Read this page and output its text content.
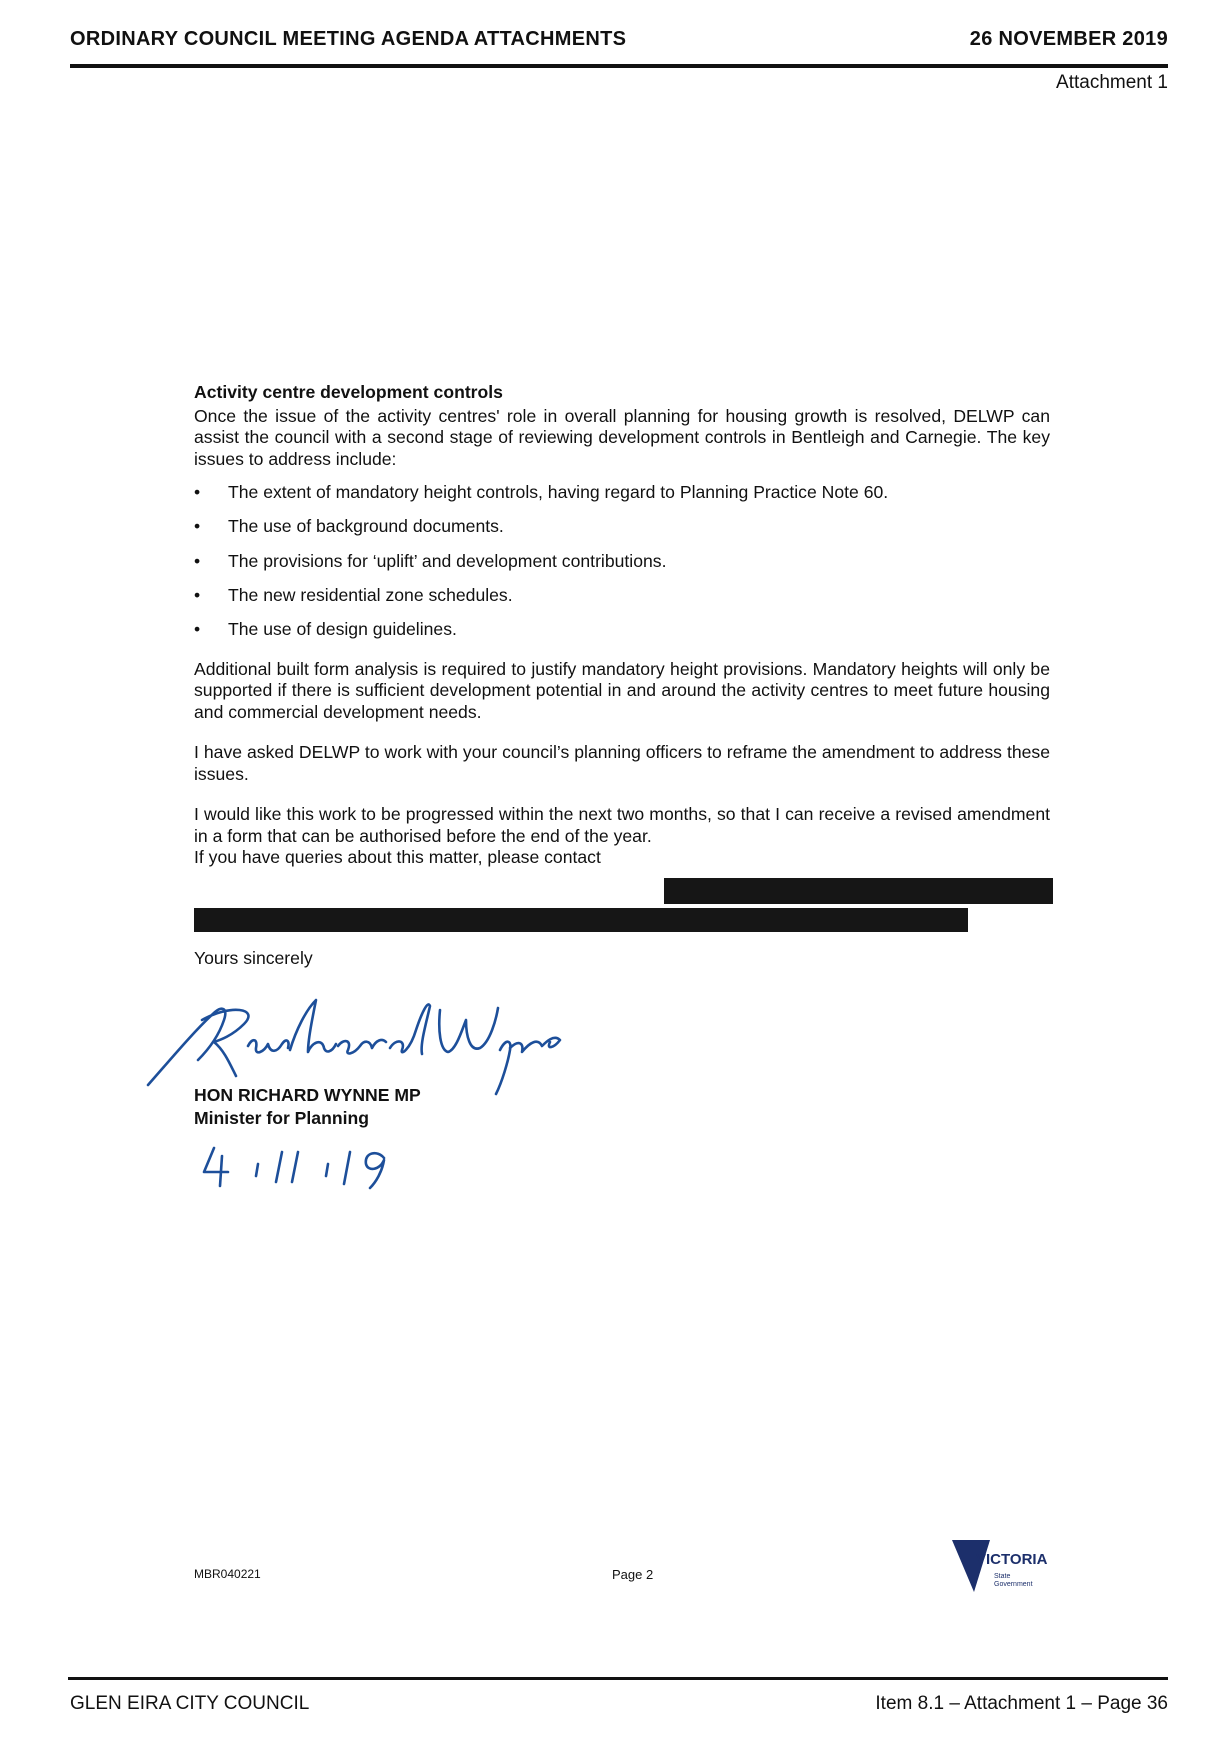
ORDINARY COUNCIL MEETING AGENDA ATTACHMENTS	26 NOVEMBER 2019
Attachment 1
Activity centre development controls

Once the issue of the activity centres' role in overall planning for housing growth is resolved, DELWP can assist the council with a second stage of reviewing development controls in Bentleigh and Carnegie. The key issues to address include:

• The extent of mandatory height controls, having regard to Planning Practice Note 60.
• The use of background documents.
• The provisions for ‘uplift’ and development contributions.
• The new residential zone schedules.
• The use of design guidelines.

Additional built form analysis is required to justify mandatory height provisions. Mandatory heights will only be supported if there is sufficient development potential in and around the activity centres to meet future housing and commercial development needs.

I have asked DELWP to work with your council’s planning officers to reframe the amendment to address these issues.

I would like this work to be progressed within the next two months, so that I can receive a revised amendment in a form that can be authorised before the end of the year.

If you have queries about this matter, please contact

Yours sincerely
HON RICHARD WYNNE MP
Minister for Planning
MBR040221	Page 2
VICTORIA
State
Government
GLEN EIRA CITY COUNCIL	Item 8.1 – Attachment 1 – Page 36
